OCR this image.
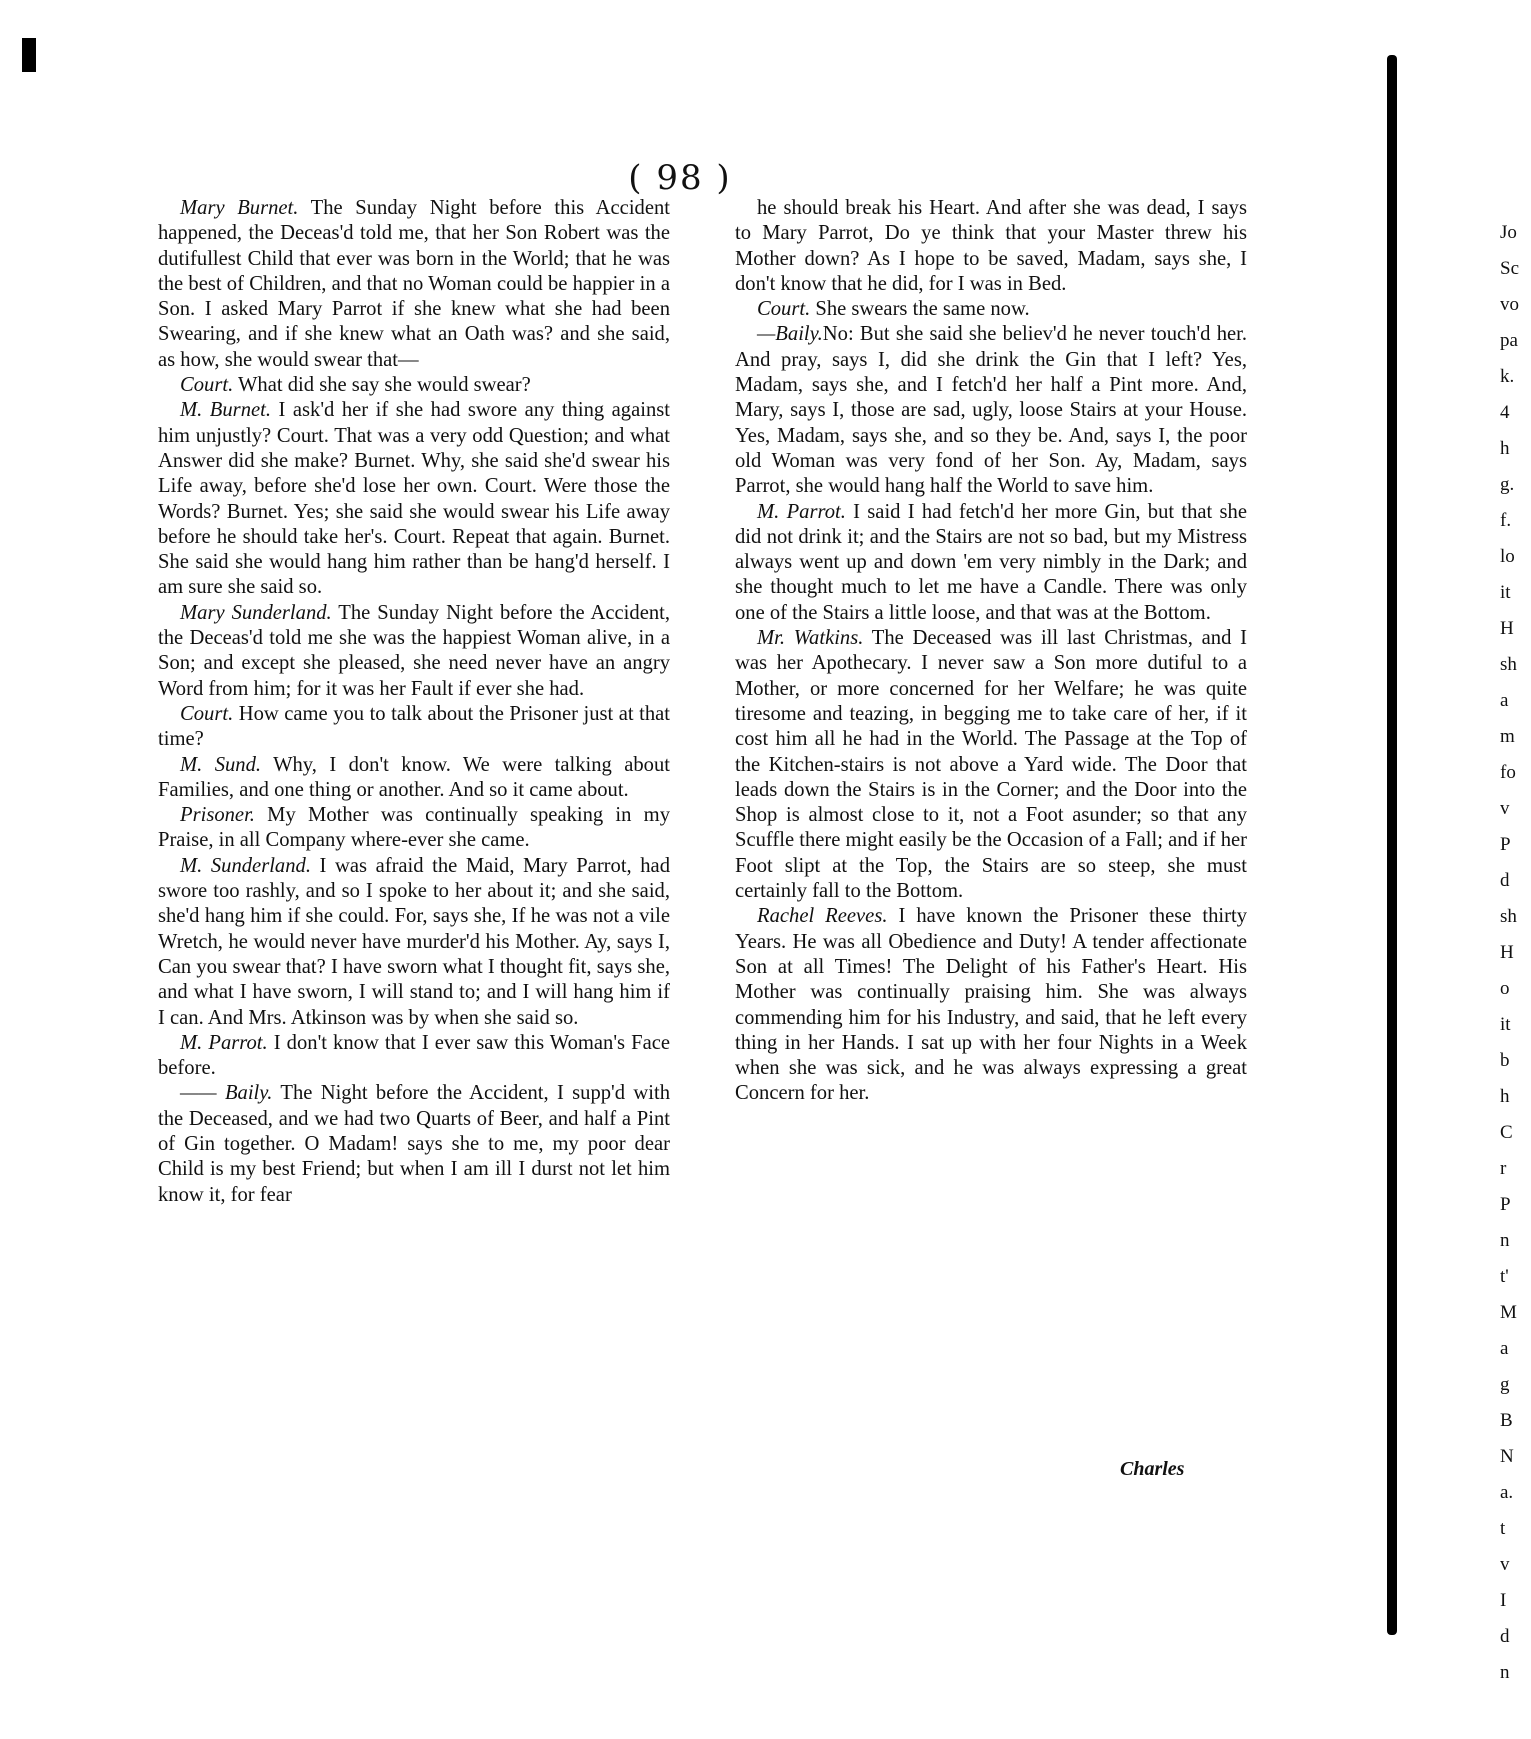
( 98 )

Mary Burnet. The Sunday Night before this Accident happened, the Deceas'd told me, that her Son Robert was the dutifullest Child that ever was born in the World; that he was the best of Children, and that no Woman could be happier in a Son. I asked Mary Parrot if she knew what she had been Swearing, and if she knew what an Oath was? and she said, as how, she would swear that—

Court. What did she say she would swear?

M. Burnet. I ask'd her if she had swore any thing against him unjustly? Court. That was a very odd Question; and what Answer did she make? Burnet. Why, she said she'd swear his Life away, before she'd lose her own. Court. Were those the Words? Burnet. Yes; she said she would swear his Life away before he should take her's. Court. Repeat that again. Burnet. She said she would hang him rather than be hang'd herself. I am sure she said so.

Mary Sunderland. The Sunday Night before the Accident, the Deceas'd told me she was the happiest Woman alive, in a Son; and except she pleased, she need never have an angry Word from him; for it was her Fault if ever she had.

Court. How came you to talk about the Prisoner just at that time?

M. Sund. Why, I don't know. We were talking about Families, and one thing or another. And so it came about.

Prisoner. My Mother was continually speaking in my Praise, in all Company where-ever she came.

M. Sunderland. I was afraid the Maid, Mary Parrot, had swore too rashly, and so I spoke to her about it; and she said, she'd hang him if she could. For, says she, If he was not a vile Wretch, he would never have murder'd his Mother. Ay, says I, Can you swear that? I have sworn what I thought fit, says she, and what I have sworn, I will stand to; and I will hang him if I can. And Mrs. Atkinson was by when she said so.

M. Parrot. I don't know that I ever saw this Woman's Face before.

—— Baily. The Night before the Accident, I supp'd with the Deceased, and we had two Quarts of Beer, and half a Pint of Gin together. O Madam! says she to me, my poor dear Child is my best Friend; but when I am ill I durst not let him know it, for fear

he should break his Heart. And after she was dead, I says to Mary Parrot, Do ye think that your Master threw his Mother down? As I hope to be saved, Madam, says she, I don't know that he did, for I was in Bed.

Court. She swears the same now.

—Baily.No: But she said she believ'd he never touch'd her. And pray, says I, did she drink the Gin that I left? Yes, Madam, says she, and I fetch'd her half a Pint more. And, Mary, says I, those are sad, ugly, loose Stairs at your House. Yes, Madam, says she, and so they be. And, says I, the poor old Woman was very fond of her Son. Ay, Madam, says Parrot, she would hang half the World to save him.

M. Parrot. I said I had fetch'd her more Gin, but that she did not drink it; and the Stairs are not so bad, but my Mistress always went up and down 'em very nimbly in the Dark; and she thought much to let me have a Candle. There was only one of the Stairs a little loose, and that was at the Bottom.

Mr. Watkins. The Deceased was ill last Christmas, and I was her Apothecary. I never saw a Son more dutiful to a Mother, or more concerned for her Welfare; he was quite tiresome and teazing, in begging me to take care of her, if it cost him all he had in the World. The Passage at the Top of the Kitchen-stairs is not above a Yard wide. The Door that leads down the Stairs is in the Corner; and the Door into the Shop is almost close to it, not a Foot asunder; so that any Scuffle there might easily be the Occasion of a Fall; and if her Foot slipt at the Top, the Stairs are so steep, she must certainly fall to the Bottom.

Rachel Reeves. I have known the Prisoner these thirty Years. He was all Obedience and Duty! A tender affectionate Son at all Times! The Delight of his Father's Heart. His Mother was continually praising him. She was always commending him for his Industry, and said, that he left every thing in her Hands. I sat up with her four Nights in a Week when she was sick, and he was always expressing a great Concern for her.

Charles
Jo
Sc
vo
pa
k.
4
h
g.
f.
lo
it
H
sh
a
m
fo
v
P
d
sh
H
o
it
b
h
C
r
P
n
t'
M
a
g
B
N
a.
t
v
I
d
n
